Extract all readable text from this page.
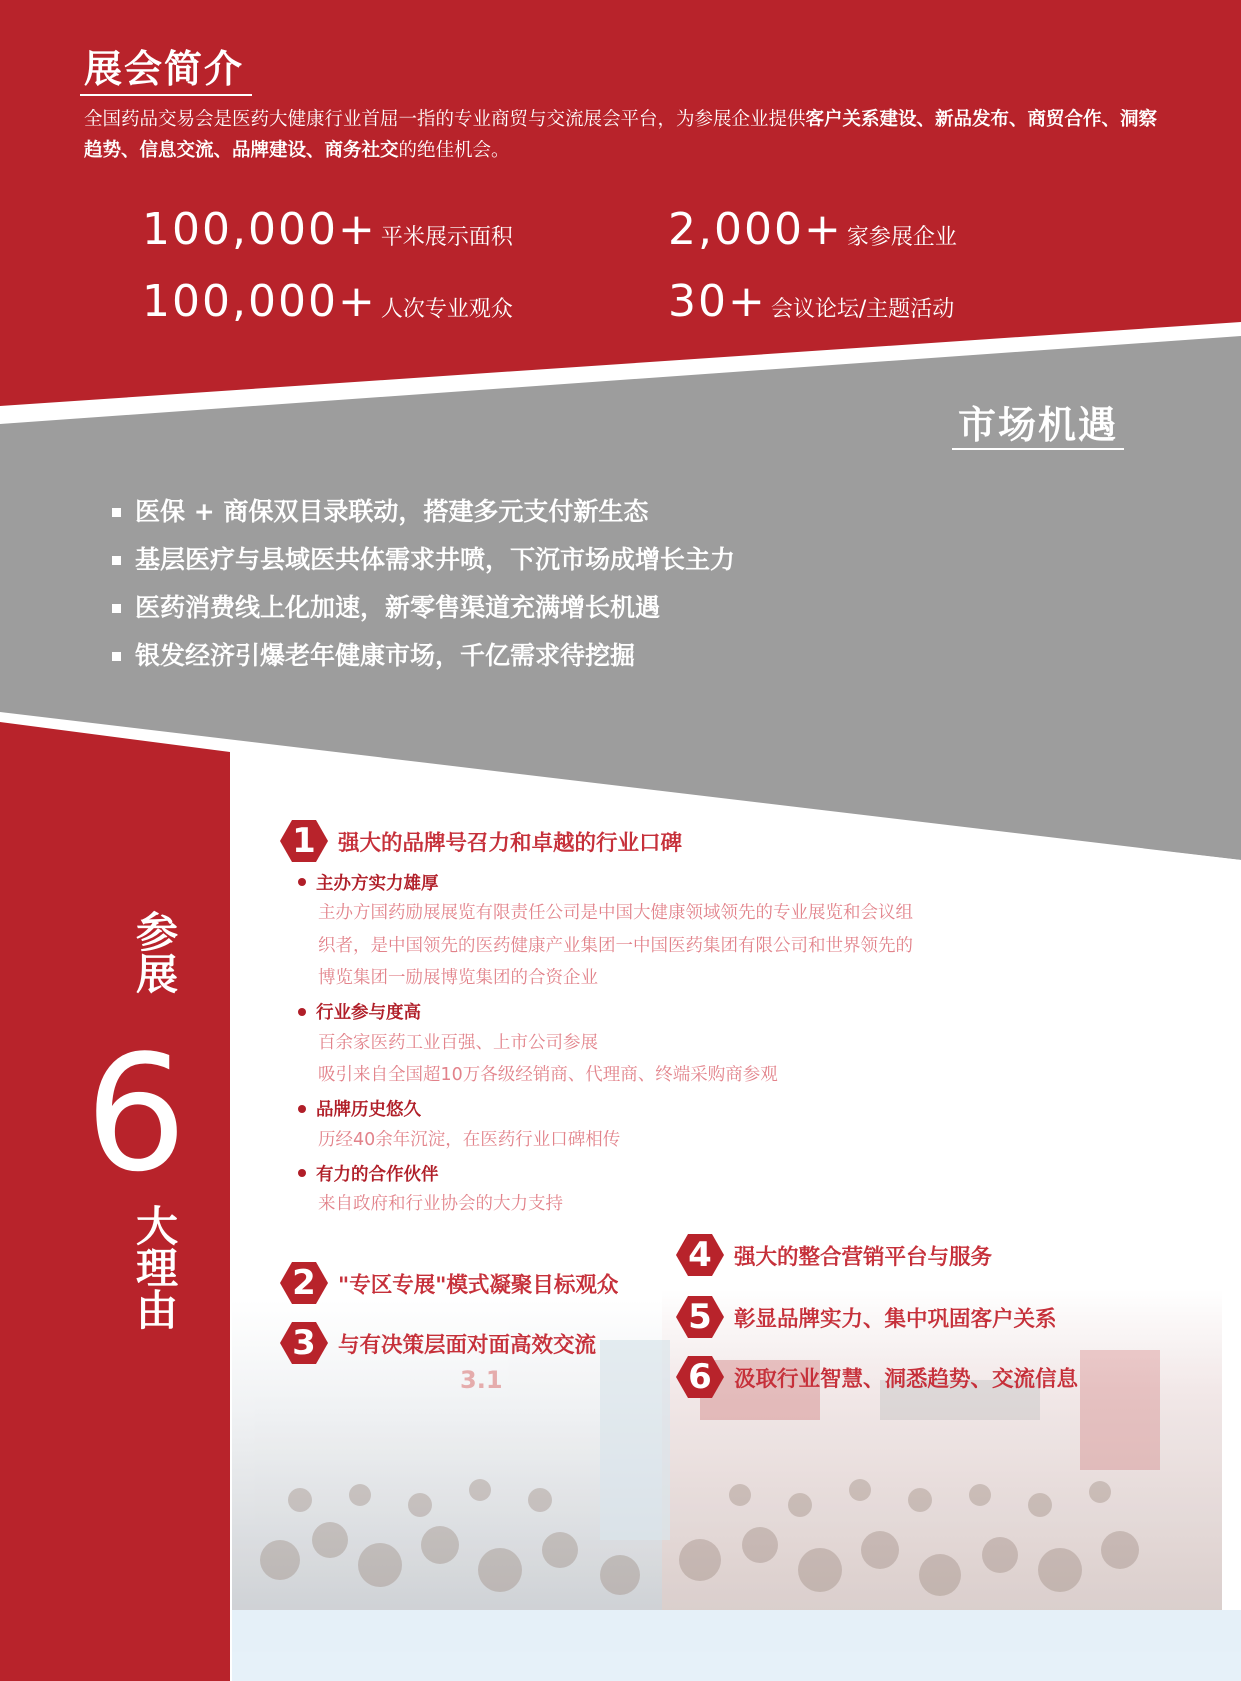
展会简介
全国药品交易会是医药大健康行业首屈一指的专业商贸与交流展会平台，为参展企业提供客户关系建设、新品发布、商贸合作、洞察趋势、信息交流、品牌建设、商务社交的绝佳机会。
100,000+ 平米展示面积	2,000+ 家参展企业
100,000+ 人次专业观众	30+ 会议论坛/主题活动
市场机遇
医保 + 商保双目录联动，搭建多元支付新生态
基层医疗与县域医共体需求井喷，下沉市场成增长主力
医药消费线上化加速，新零售渠道充满增长机遇
银发经济引爆老年健康市场，千亿需求待挖掘
参展
6
大理由
1	强大的品牌号召力和卓越的行业口碑
主办方实力雄厚
主办方国药励展展览有限责任公司是中国大健康领域领先的专业展览和会议组
织者，是中国领先的医药健康产业集团一中国医药集团有限公司和世界领先的
博览集团一励展博览集团的合资企业
行业参与度高
百余家医药工业百强、上市公司参展
吸引来自全国超10万各级经销商、代理商、终端采购商参观
品牌历史悠久
历经40余年沉淀，在医药行业口碑相传
有力的合作伙伴
来自政府和行业协会的大力支持
2	"专区专展"模式凝聚目标观众
3	与有决策层面对面高效交流
4	强大的整合营销平台与服务
5	彰显品牌实力、集中巩固客户关系
6	汲取行业智慧、洞悉趋势、交流信息
3.1
